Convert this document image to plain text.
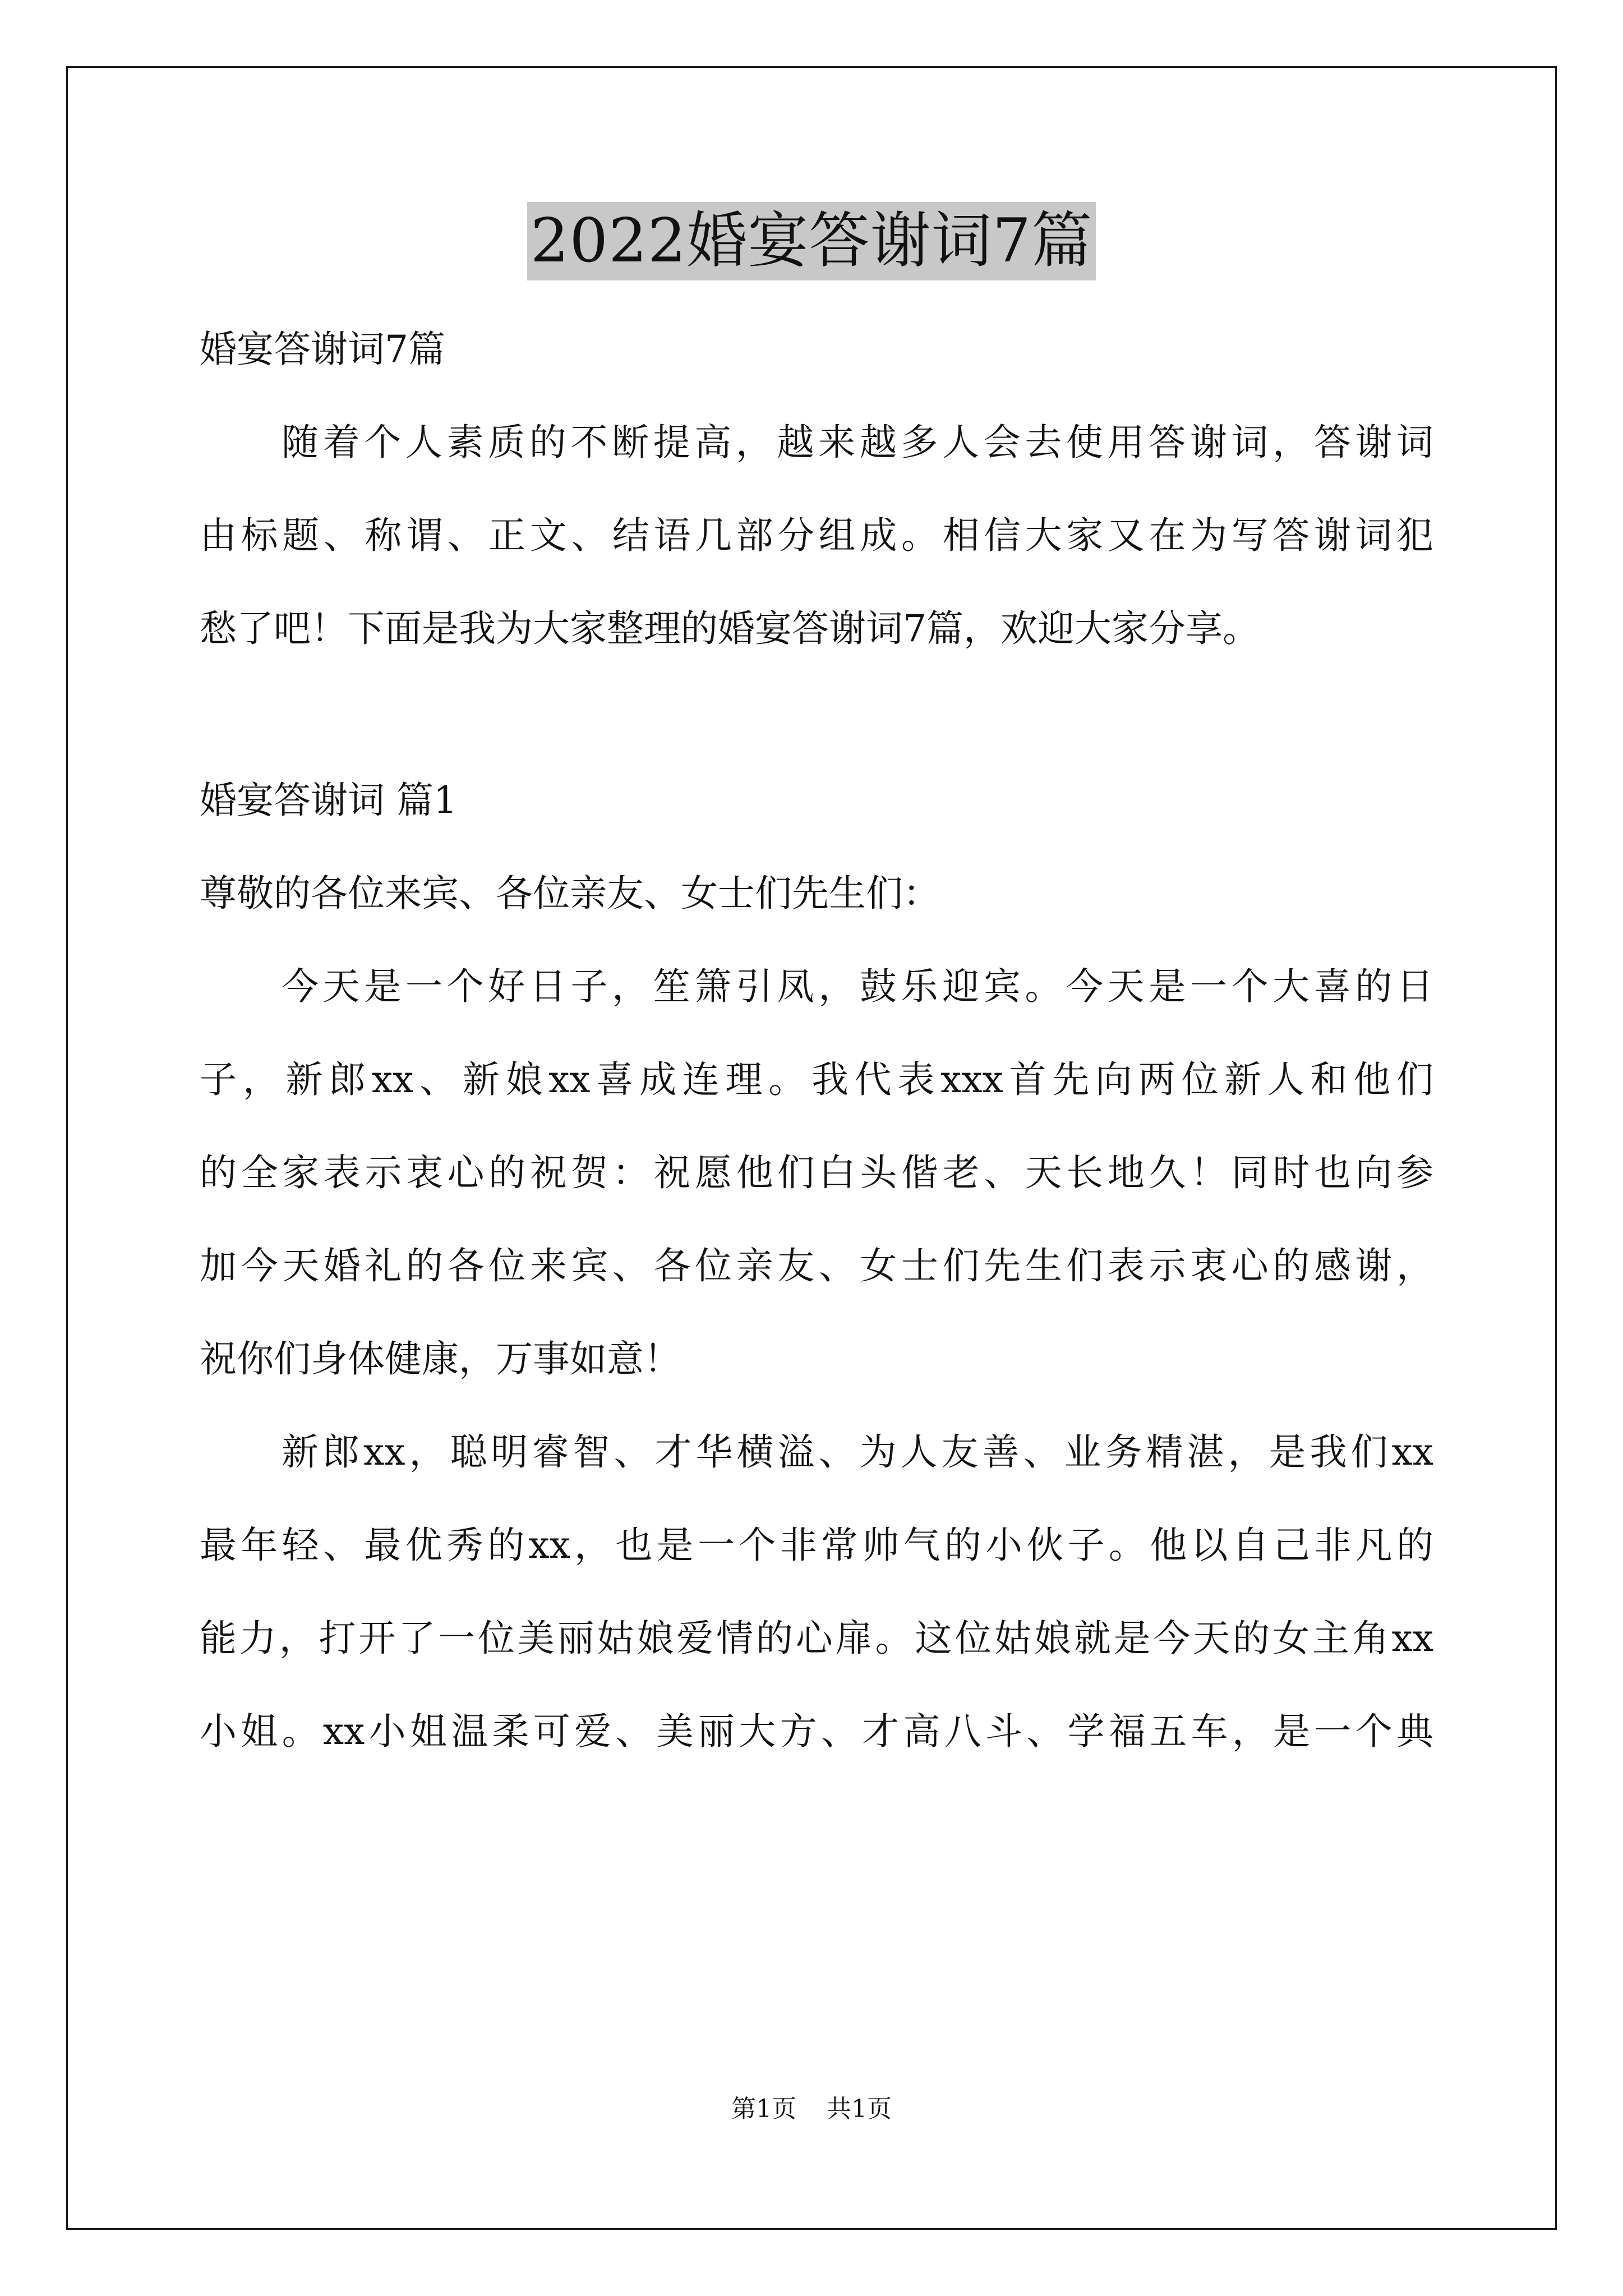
2022婚宴答谢词7篇
婚宴答谢词7篇
随着个人素质的不断提高，越来越多人会去使用答谢词，答谢词
由标题、称谓、正文、结语几部分组成。相信大家又在为写答谢词犯
愁了吧！下面是我为大家整理的婚宴答谢词7篇，欢迎大家分享。
婚宴答谢词 篇1
尊敬的各位来宾、各位亲友、女士们先生们：
今天是一个好日子，笙箫引凤，鼓乐迎宾。今天是一个大喜的日
子，新郎xx、新娘xx喜成连理。我代表xxx首先向两位新人和他们
的全家表示衷心的祝贺：祝愿他们白头偕老、天长地久！同时也向参
加今天婚礼的各位来宾、各位亲友、女士们先生们表示衷心的感谢，
祝你们身体健康，万事如意！
新郎xx，聪明睿智、才华横溢、为人友善、业务精湛，是我们xx
最年轻、最优秀的xx，也是一个非常帅气的小伙子。他以自己非凡的
能力，打开了一位美丽姑娘爱情的心扉。这位姑娘就是今天的女主角xx
小姐。xx小姐温柔可爱、美丽大方、才高八斗、学福五车，是一个典
第1页 共1页
